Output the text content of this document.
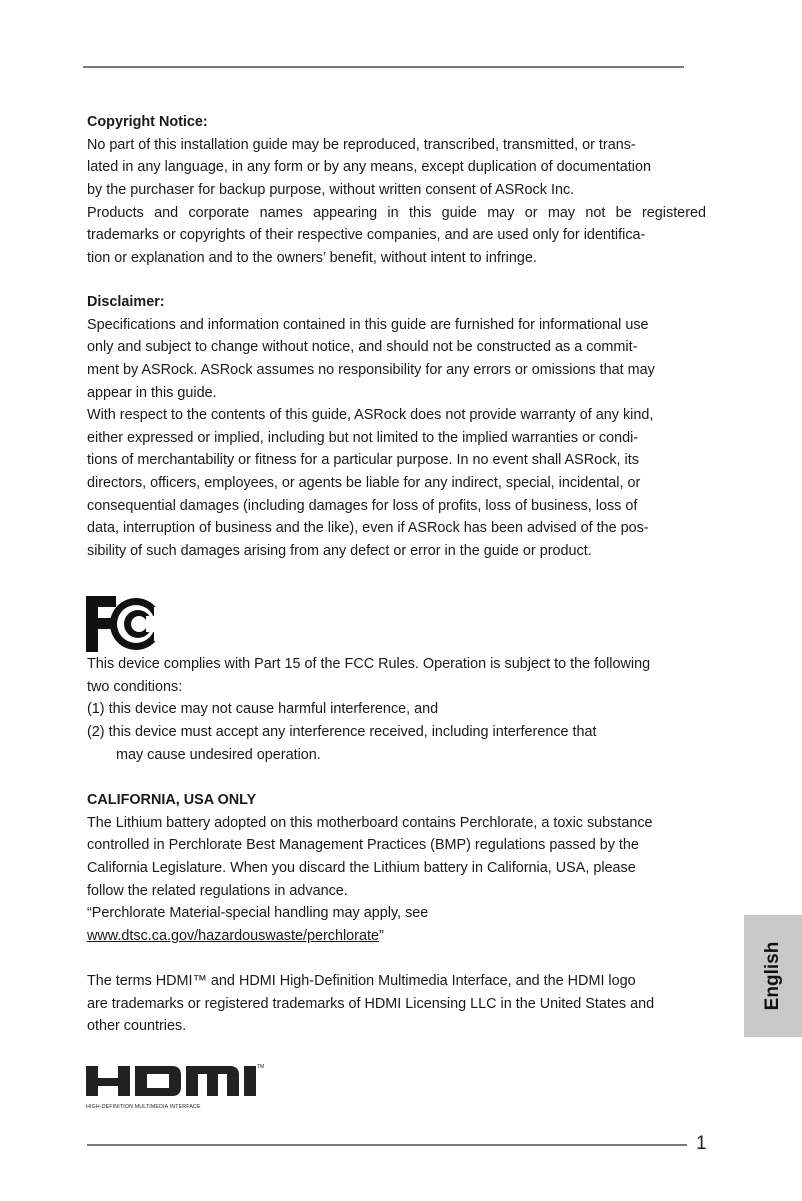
Copyright Notice:
No part of this installation guide may be reproduced, transcribed, transmitted, or trans-
lated in any language, in any form or by any means, except duplication of documentation
by the purchaser for backup purpose, without written consent of ASRock Inc.
Products and corporate names appearing in this guide may or may not be registered
trademarks or copyrights of their respective companies, and are used only for identifica-
tion or explanation and to the owners’ benefit, without intent to infringe.
Disclaimer:
Specifications and information contained in this guide are furnished for informational use
only and subject to change without notice, and should not be constructed as a commit-
ment by ASRock. ASRock assumes no responsibility for any errors or omissions that may
appear in this guide.
With respect to the contents of this guide, ASRock does not provide warranty of any kind,
either expressed or implied, including but not limited to the implied warranties or condi-
tions of merchantability or fitness for a particular purpose. In no event shall ASRock, its
directors, officers, employees, or agents be liable for any indirect, special, incidental, or
consequential damages (including damages for loss of profits, loss of business, loss of
data, interruption of business and the like), even if ASRock has been advised of the pos-
sibility of such damages arising from any defect or error in the guide or product.
This device complies with Part 15 of the FCC Rules. Operation is subject to the following
two conditions:
(1) this device may not cause harmful interference, and
(2) this device must accept any interference received, including interference that
may cause undesired operation.
CALIFORNIA, USA ONLY
The Lithium battery adopted on this motherboard contains Perchlorate, a toxic substance
controlled in Perchlorate Best Management Practices (BMP) regulations passed by the
California Legislature. When you discard the Lithium battery in California, USA, please
follow the related regulations in advance.
“Perchlorate Material-special handling may apply, see
www.dtsc.ca.gov/hazardouswaste/perchlorate”
The terms HDMI™ and HDMI High-Definition Multimedia Interface, and the HDMI logo
are trademarks or registered trademarks of HDMI Licensing LLC in the United States and
other countries.
TM
HIGH-DEFINITION MULTIMEDIA INTERFACE
English
1
